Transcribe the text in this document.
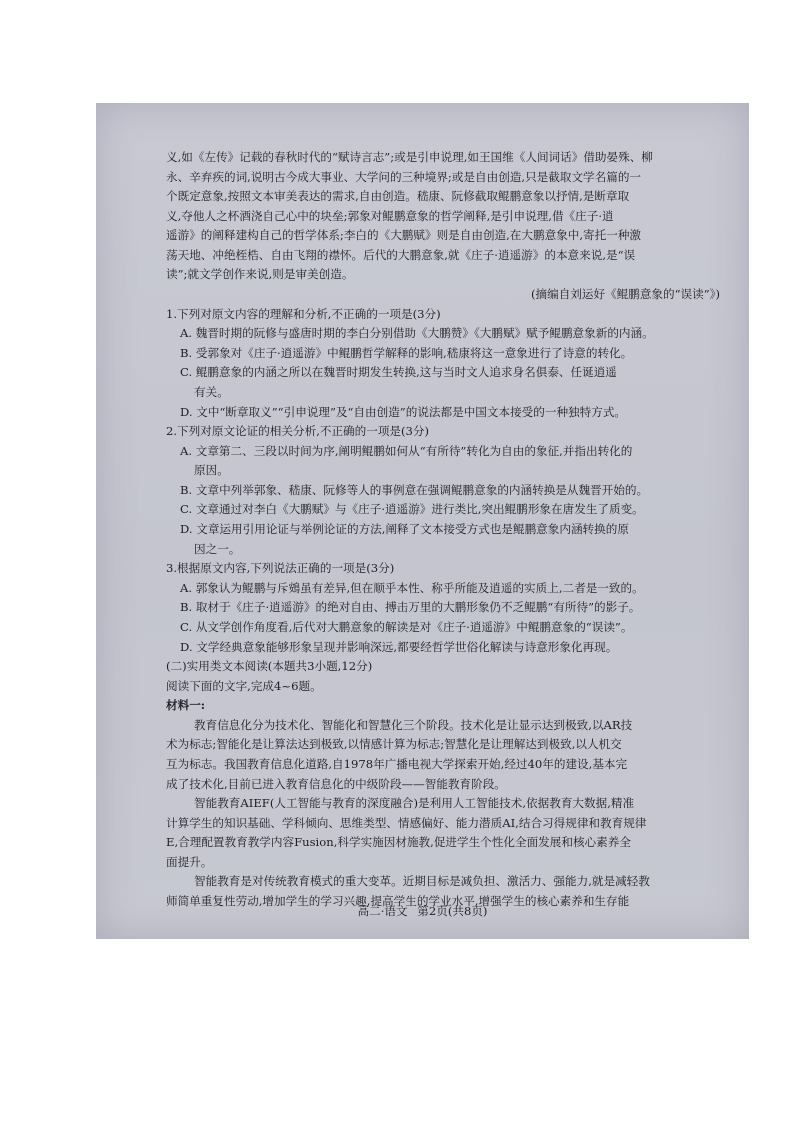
义,如《左传》记载的春秋时代的“赋诗言志”;或是引申说理,如王国维《人间词话》借助晏殊、柳
永、辛弃疾的词,说明古今成大事业、大学问的三种境界;或是自由创造,只是截取文学名篇的一
个既定意象,按照文本审美表达的需求,自由创造。嵇康、阮修截取鲲鹏意象以抒情,是断章取
义,夺他人之杯酒浇自己心中的块垒;郭象对鲲鹏意象的哲学阐释,是引申说理,借《庄子·逍
遥游》的阐释建构自己的哲学体系;李白的《大鹏赋》则是自由创造,在大鹏意象中,寄托一种激
荡天地、冲绝桎梏、自由飞翔的襟怀。后代的大鹏意象,就《庄子·逍遥游》的本意来说,是“误
读”;就文学创作来说,则是审美创造。
(摘编自刘运好《鲲鹏意象的“误读”》)
1.下列对原文内容的理解和分析,不正确的一项是(3分)
A. 魏晋时期的阮修与盛唐时期的李白分别借助《大鹏赞》《大鹏赋》赋予鲲鹏意象新的内涵。
B. 受郭象对《庄子·逍遥游》中鲲鹏哲学解释的影响,嵇康将这一意象进行了诗意的转化。
C. 鲲鹏意象的内涵之所以在魏晋时期发生转换,这与当时文人追求身名俱泰、任诞逍遥
有关。
D. 文中“断章取义”“引申说理”及“自由创造”的说法都是中国文本接受的一种独特方式。
2.下列对原文论证的相关分析,不正确的一项是(3分)
A. 文章第二、三段以时间为序,阐明鲲鹏如何从“有所待”转化为自由的象征,并指出转化的
原因。
B. 文章中列举郭象、嵇康、阮修等人的事例意在强调鲲鹏意象的内涵转换是从魏晋开始的。
C. 文章通过对李白《大鹏赋》与《庄子·逍遥游》进行类比,突出鲲鹏形象在唐发生了质变。
D. 文章运用引用论证与举例论证的方法,阐释了文本接受方式也是鲲鹏意象内涵转换的原
因之一。
3.根据原文内容,下列说法正确的一项是(3分)
A. 郭象认为鲲鹏与斥鴳虽有差异,但在顺乎本性、称乎所能及逍遥的实质上,二者是一致的。
B. 取材于《庄子·逍遥游》的绝对自由、搏击万里的大鹏形象仍不乏鲲鹏“有所待”的影子。
C. 从文学创作角度看,后代对大鹏意象的解读是对《庄子·逍遥游》中鲲鹏意象的“误读”。
D. 文学经典意象能够形象呈现并影响深远,都要经哲学世俗化解读与诗意形象化再现。
(二)实用类文本阅读(本题共3小题,12分)
阅读下面的文字,完成4~6题。
材料一:
教育信息化分为技术化、智能化和智慧化三个阶段。技术化是让显示达到极致,以AR技
术为标志;智能化是让算法达到极致,以情感计算为标志;智慧化是让理解达到极致,以人机交
互为标志。我国教育信息化道路,自1978年广播电视大学探索开始,经过40年的建设,基本完
成了技术化,目前已进入教育信息化的中级阶段——智能教育阶段。
智能教育AIEF(人工智能与教育的深度融合)是利用人工智能技术,依据教育大数据,精准
计算学生的知识基础、学科倾向、思维类型、情感偏好、能力潜质AI,结合习得规律和教育规律
E,合理配置教育教学内容Fusion,科学实施因材施教,促进学生个性化全面发展和核心素养全
面提升。
智能教育是对传统教育模式的重大变革。近期目标是减负担、激活力、强能力,就是减轻教
师简单重复性劳动,增加学生的学习兴趣,提高学生的学业水平,增强学生的核心素养和生存能
高二·语文 第2页(共8页)
